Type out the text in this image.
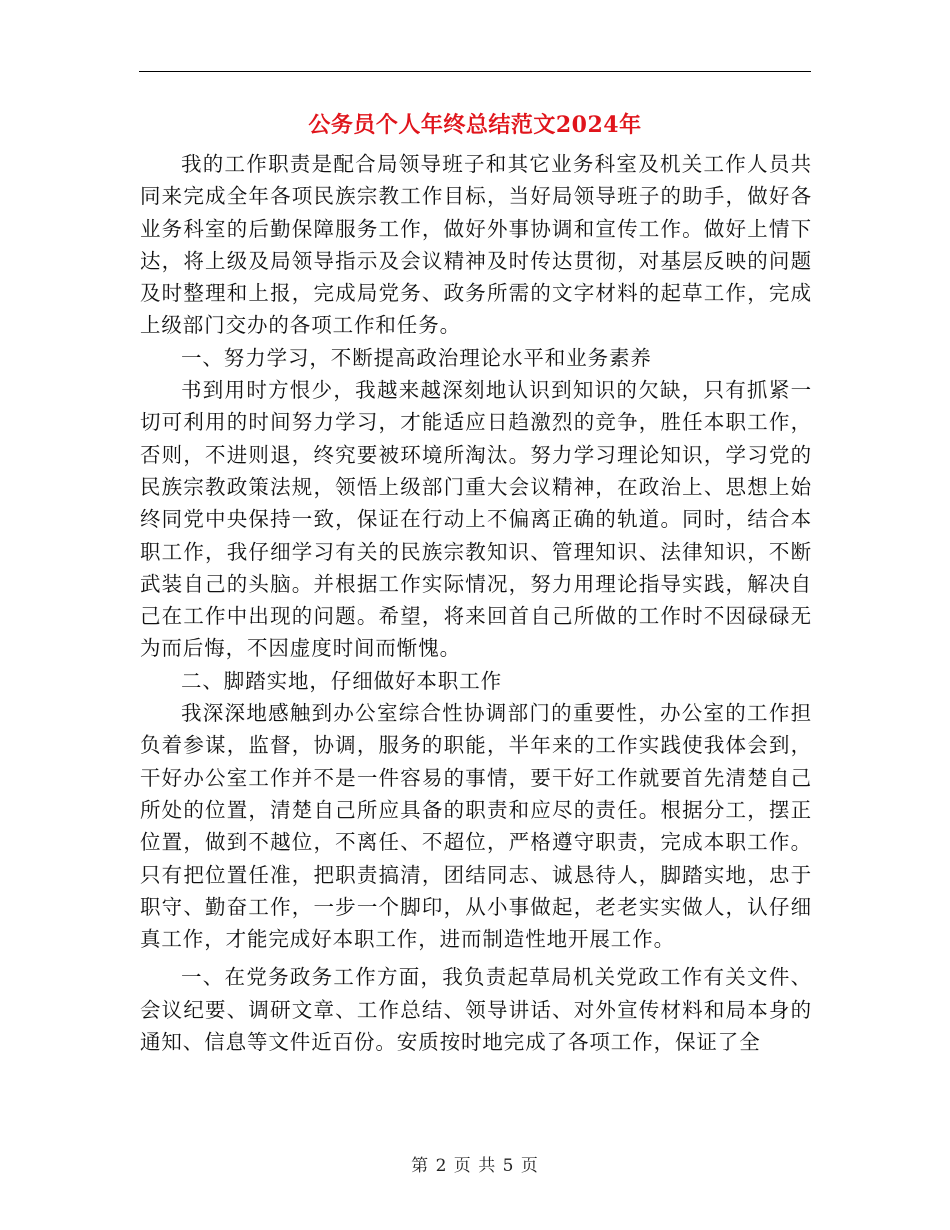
公务员个人年终总结范文2024年

我的工作职责是配合局领导班子和其它业务科室及机关工作人员共同来完成全年各项民族宗教工作目标，当好局领导班子的助手，做好各业务科室的后勤保障服务工作，做好外事协调和宣传工作。做好上情下达，将上级及局领导指示及会议精神及时传达贯彻，对基层反映的问题及时整理和上报，完成局党务、政务所需的文字材料的起草工作，完成上级部门交办的各项工作和任务。

一、努力学习，不断提高政治理论水平和业务素养

书到用时方恨少，我越来越深刻地认识到知识的欠缺，只有抓紧一切可利用的时间努力学习，才能适应日趋激烈的竞争，胜任本职工作，否则，不进则退，终究要被环境所淘汰。努力学习理论知识，学习党的民族宗教政策法规，领悟上级部门重大会议精神，在政治上、思想上始终同党中央保持一致，保证在行动上不偏离正确的轨道。同时，结合本职工作，我仔细学习有关的民族宗教知识、管理知识、法律知识，不断武装自己的头脑。并根据工作实际情况，努力用理论指导实践，解决自己在工作中出现的问题。希望，将来回首自己所做的工作时不因碌碌无为而后悔，不因虚度时间而惭愧。

二、脚踏实地，仔细做好本职工作

我深深地感触到办公室综合性协调部门的重要性，办公室的工作担负着参谋，监督，协调，服务的职能，半年来的工作实践使我体会到，干好办公室工作并不是一件容易的事情，要干好工作就要首先清楚自己所处的位置，清楚自己所应具备的职责和应尽的责任。根据分工，摆正位置，做到不越位，不离任、不超位，严格遵守职责，完成本职工作。只有把位置任准，把职责搞清，团结同志、诚恳待人，脚踏实地，忠于职守、勤奋工作，一步一个脚印，从小事做起，老老实实做人，认仔细真工作，才能完成好本职工作，进而制造性地开展工作。

一、在党务政务工作方面，我负责起草局机关党政工作有关文件、会议纪要、调研文章、工作总结、领导讲话、对外宣传材料和局本身的通知、信息等文件近百份。安质按时地完成了各项工作，保证了全

第 2 页 共 5 页
